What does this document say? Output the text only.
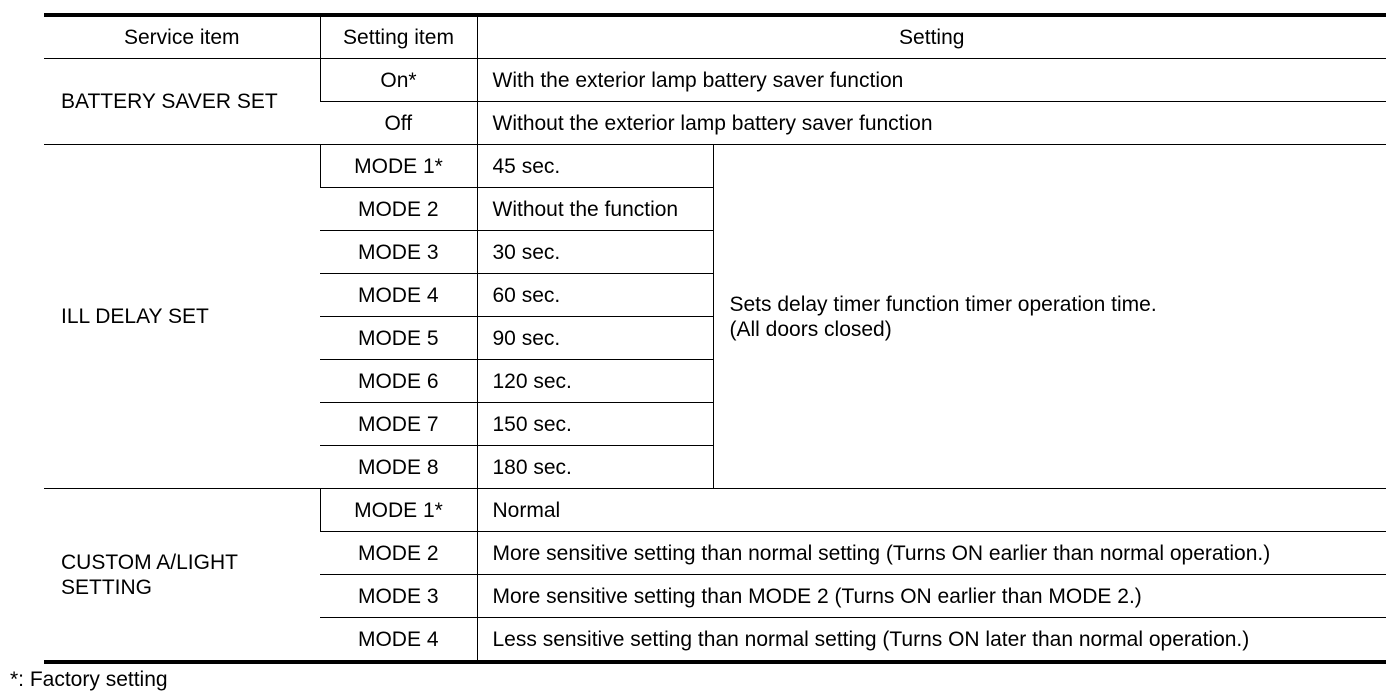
Service item	Setting item	Setting	
BATTERY SAVER SET	On*	With the exterior lamp battery saver function	
	Off	Without the exterior lamp battery saver function	
ILL DELAY SET	MODE 1*	45 sec.	Sets delay timer function timer operation time.
(All doors closed)

	MODE 2	Without the function	
	MODE 3	30 sec.	
	MODE 4	60 sec.	
	MODE 5	90 sec.	
	MODE 6	120 sec.	
	MODE 7	150 sec.	
	MODE 8	180 sec.	

CUSTOM A/LIGHT
SETTING	MODE 1*	Normal	
	MODE 2	More sensitive setting than normal setting (Turns ON earlier than normal operation.)	
	MODE 3	More sensitive setting than MODE 2 (Turns ON earlier than MODE 2.)	
	MODE 4	Less sensitive setting than normal setting (Turns ON later than normal operation.)	
*: Factory setting
